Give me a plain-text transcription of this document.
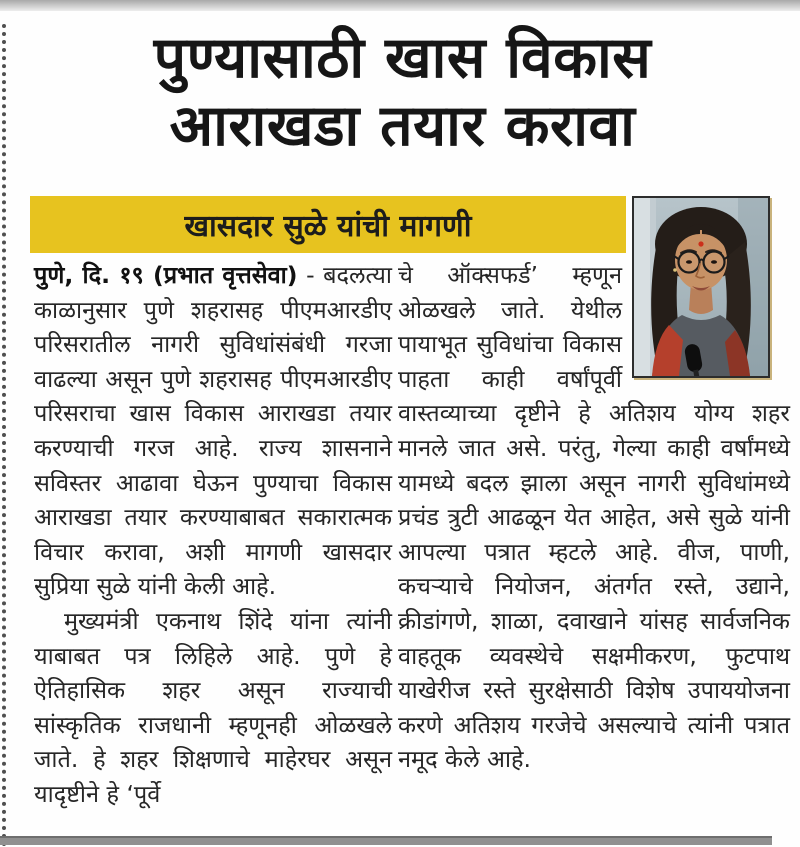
पुण्यासाठी खास विकास
आराखडा तयार करावा
खासदार सुळे यांची मागणी

पुणे, दि. १९ (प्रभात वृत्तसेवा) - बदलत्या काळानुसार पुणे शहरासह पीएमआरडीए परिसरातील नागरी सुविधांसंबंधी गरजा वाढल्या असून पुणे शहरासह पीएमआरडीए परिसराचा खास विकास आराखडा तयार करण्याची गरज आहे. राज्य शासनाने सविस्तर आढावा घेऊन पुण्याचा विकास आराखडा तयार करण्याबाबत सकारात्मक विचार करावा, अशी मागणी खासदार सुप्रिया सुळे यांनी केली आहे.

मुख्यमंत्री एकनाथ शिंदे यांना त्यांनी याबाबत पत्र लिहिले आहे. पुणे हे ऐतिहासिक शहर असून राज्याची सांस्कृतिक राजधानी म्हणूनही ओळखले जाते. हे शहर शिक्षणाचे माहेरघर असून यादृष्टीने हे ‘पूर्वे

चे ऑक्सफर्ड’ म्हणून ओळखले जाते. येथील पायाभूत सुविधांचा विकास पाहता काही वर्षांपूर्वी वास्तव्याच्या दृष्टीने हे अतिशय योग्य शहर मानले जात असे. परंतु, गेल्या काही वर्षांमध्ये यामध्ये बदल झाला असून नागरी सुविधांमध्ये प्रचंड त्रुटी आढळून येत आहेत, असे सुळे यांनी आपल्या पत्रात म्हटले आहे. वीज, पाणी, कचऱ्याचे नियोजन, अंतर्गत रस्ते, उद्याने, क्रीडांगणे, शाळा, दवाखाने यांसह सार्वजनिक वाहतूक व्यवस्थेचे सक्षमीकरण, फुटपाथ याखेरीज रस्ते सुरक्षेसाठी विशेष उपाययोजना करणे अतिशय गरजेचे असल्याचे त्यांनी पत्रात नमूद केले आहे.
